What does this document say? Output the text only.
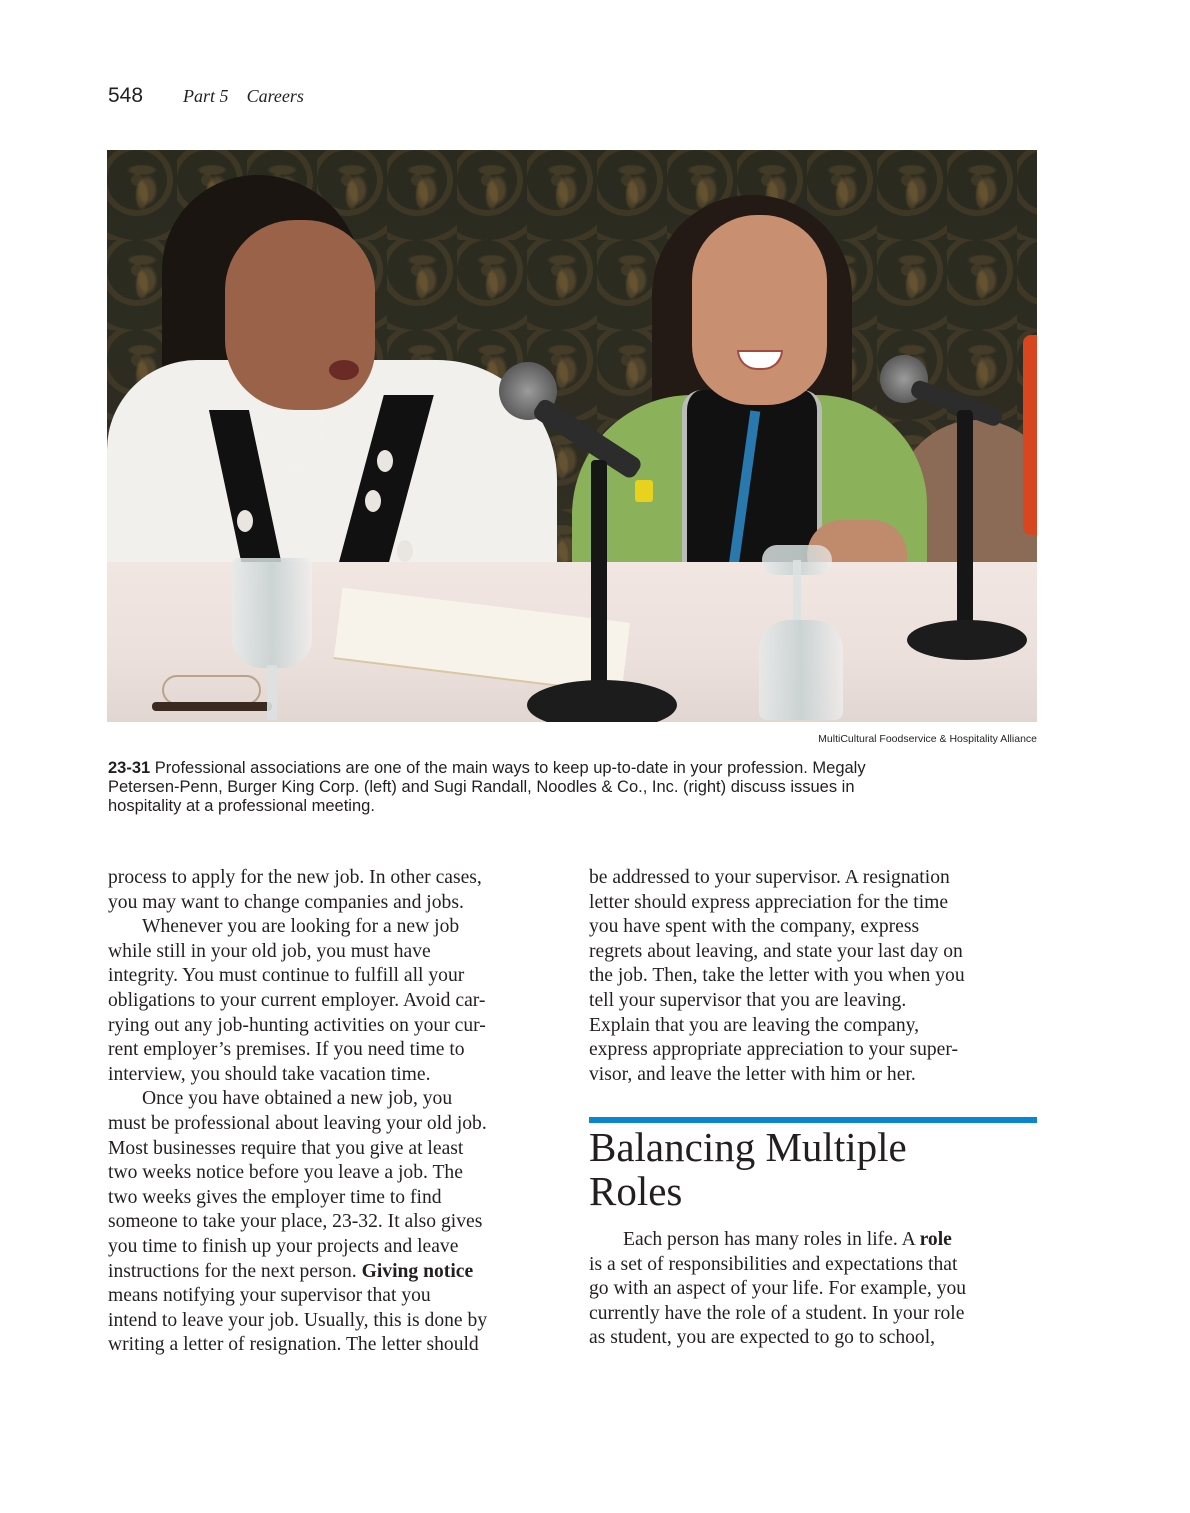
548 Part 5 Careers
MultiCultural Foodservice & Hospitality Alliance
23-31 Professional associations are one of the main ways to keep up-to-date in your profession. Megaly
Petersen-Penn, Burger King Corp. (left) and Sugi Randall, Noodles & Co., Inc. (right) discuss issues in
hospitality at a professional meeting.
process to apply for the new job. In other cases,
you may want to change companies and jobs.
Whenever you are looking for a new job
while still in your old job, you must have
integrity. You must continue to fulfill all your
obligations to your current employer. Avoid car-
rying out any job-hunting activities on your cur-
rent employer’s premises. If you need time to
interview, you should take vacation time.
Once you have obtained a new job, you
must be professional about leaving your old job.
Most businesses require that you give at least
two weeks notice before you leave a job. The
two weeks gives the employer time to find
someone to take your place, 23-32. It also gives
you time to finish up your projects and leave
instructions for the next person. Giving notice
means notifying your supervisor that you
intend to leave your job. Usually, this is done by
writing a letter of resignation. The letter should
be addressed to your supervisor. A resignation
letter should express appreciation for the time
you have spent with the company, express
regrets about leaving, and state your last day on
the job. Then, take the letter with you when you
tell your supervisor that you are leaving.
Explain that you are leaving the company,
express appropriate appreciation to your super-
visor, and leave the letter with him or her.
Balancing Multiple
Roles
Each person has many roles in life. A role
is a set of responsibilities and expectations that
go with an aspect of your life. For example, you
currently have the role of a student. In your role
as student, you are expected to go to school,
